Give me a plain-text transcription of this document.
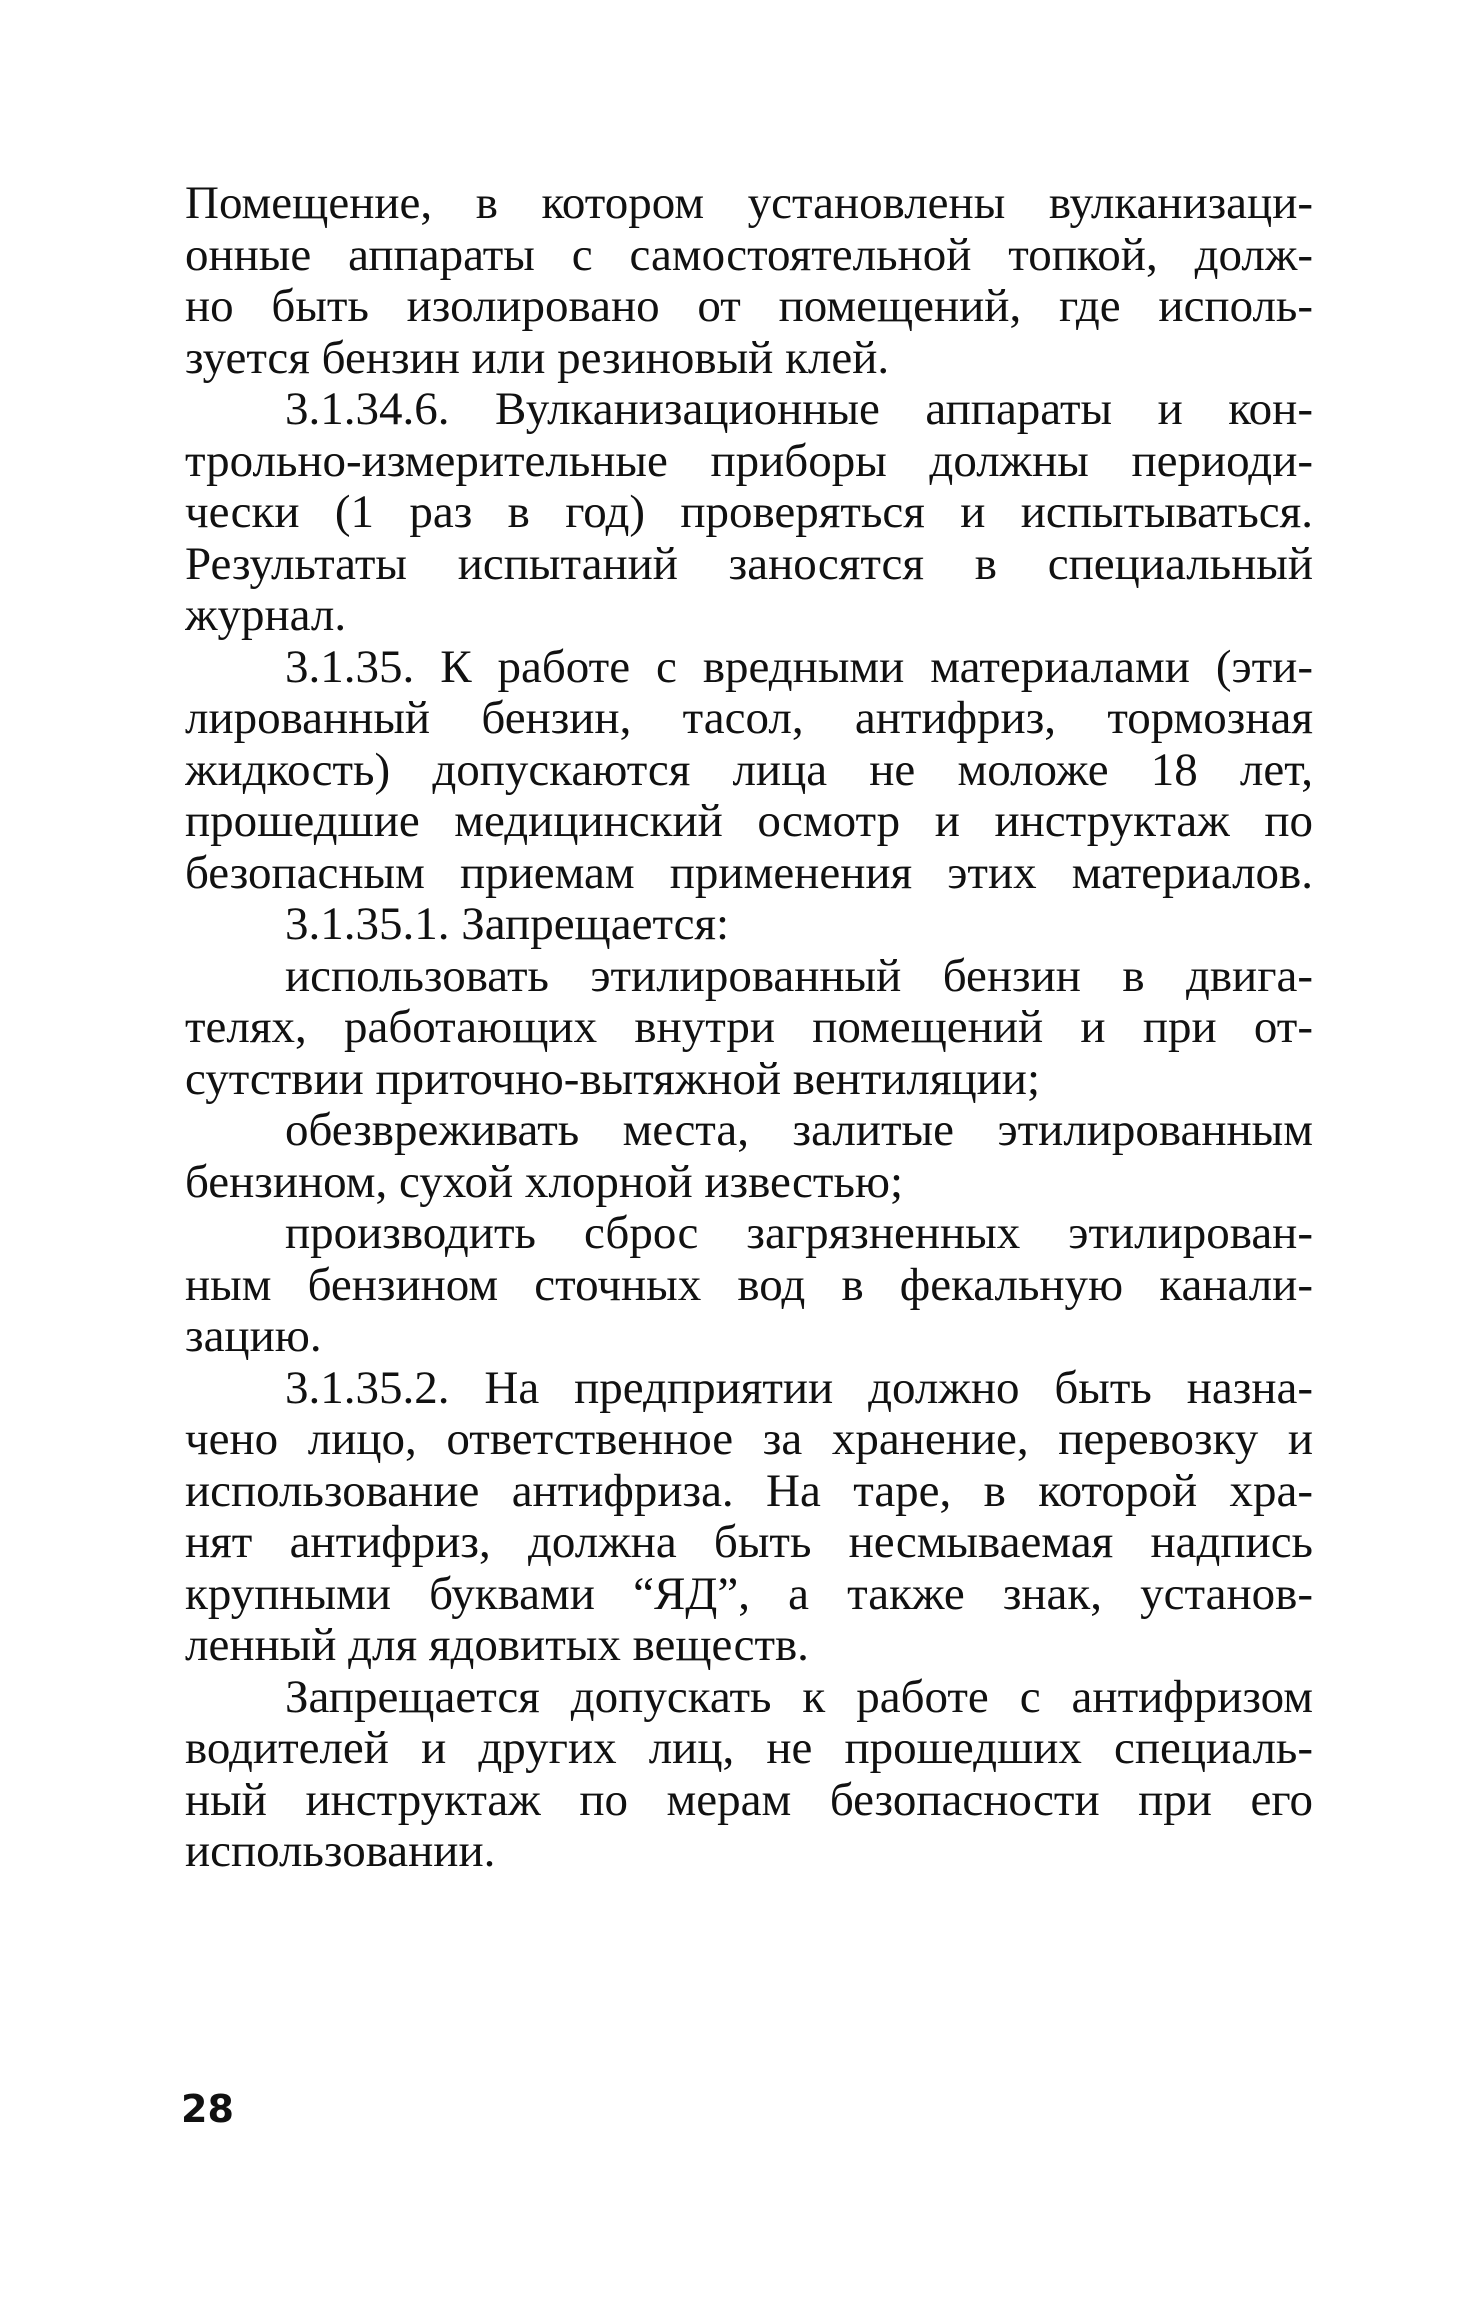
Помещение, в котором установлены вулканизаци-
онные аппараты с самостоятельной топкой, долж-
но быть изолировано от помещений, где исполь-
зуется бензин или резиновый клей.
3.1.34.6. Вулканизационные аппараты и кон-
трольно-измерительные приборы должны периоди-
чески (1 раз в год) проверяться и испытываться.
Результаты испытаний заносятся в специальный
журнал.
3.1.35. К работе с вредными материалами (эти-
лированный бензин, тасол, антифриз, тормозная
жидкость) допускаются лица не моложе 18 лет,
прошедшие медицинский осмотр и инструктаж по
безопасным приемам применения этих материалов.
3.1.35.1. Запрещается:
использовать этилированный бензин в двига-
телях, работающих внутри помещений и при от-
сутствии приточно-вытяжной вентиляции;
обезвреживать места, залитые этилированным
бензином, сухой хлорной известью;
производить сброс загрязненных этилирован-
ным бензином сточных вод в фекальную канали-
зацию.
3.1.35.2. На предприятии должно быть назна-
чено лицо, ответственное за хранение, перевозку и
использование антифриза. На таре, в которой хра-
нят антифриз, должна быть несмываемая надпись
крупными буквами “ЯД”, а также знак, установ-
ленный для ядовитых веществ.
Запрещается допускать к работе с антифризом
водителей и других лиц, не прошедших специаль-
ный инструктаж по мерам безопасности при его
использовании.
28
